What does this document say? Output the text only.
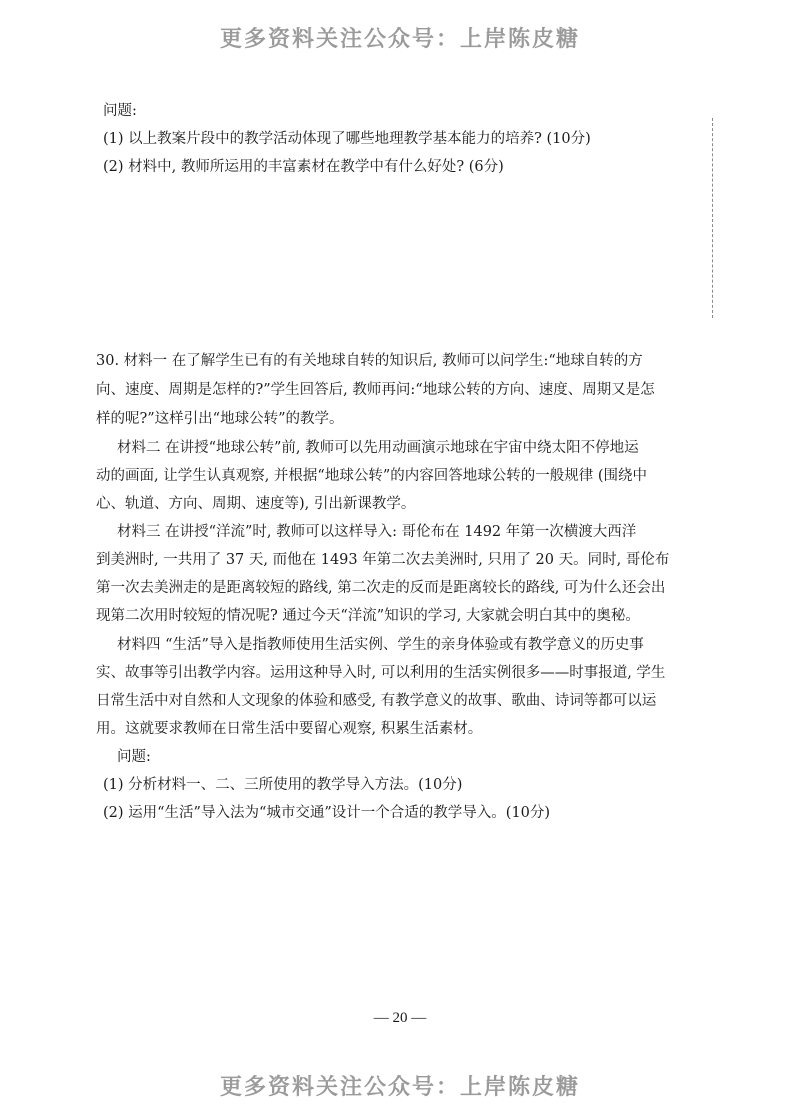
更多资料关注公众号：上岸陈皮糖
问题:
(1) 以上教案片段中的教学活动体现了哪些地理教学基本能力的培养? (10分)
(2) 材料中, 教师所运用的丰富素材在教学中有什么好处? (6分)
30. 材料一 在了解学生已有的有关地球自转的知识后, 教师可以问学生:“地球自转的方
向、速度、周期是怎样的?”学生回答后, 教师再问:“地球公转的方向、速度、周期又是怎
样的呢?”这样引出“地球公转”的教学。
材料二 在讲授“地球公转”前, 教师可以先用动画演示地球在宇宙中绕太阳不停地运
动的画面, 让学生认真观察, 并根据“地球公转”的内容回答地球公转的一般规律 (围绕中
心、轨道、方向、周期、速度等), 引出新课教学。
材料三 在讲授“洋流”时, 教师可以这样导入: 哥伦布在 1492 年第一次横渡大西洋
到美洲时, 一共用了 37 天, 而他在 1493 年第二次去美洲时, 只用了 20 天。同时, 哥伦布
第一次去美洲走的是距离较短的路线, 第二次走的反而是距离较长的路线, 可为什么还会出
现第二次用时较短的情况呢? 通过今天“洋流”知识的学习, 大家就会明白其中的奥秘。
材料四 “生活”导入是指教师使用生活实例、学生的亲身体验或有教学意义的历史事
实、故事等引出教学内容。运用这种导入时, 可以利用的生活实例很多——时事报道, 学生
日常生活中对自然和人文现象的体验和感受, 有教学意义的故事、歌曲、诗词等都可以运
用。这就要求教师在日常生活中要留心观察, 积累生活素材。
问题:
(1) 分析材料一、二、三所使用的教学导入方法。(10分)
(2) 运用“生活”导入法为“城市交通”设计一个合适的教学导入。(10分)
— 20 —
更多资料关注公众号：上岸陈皮糖
